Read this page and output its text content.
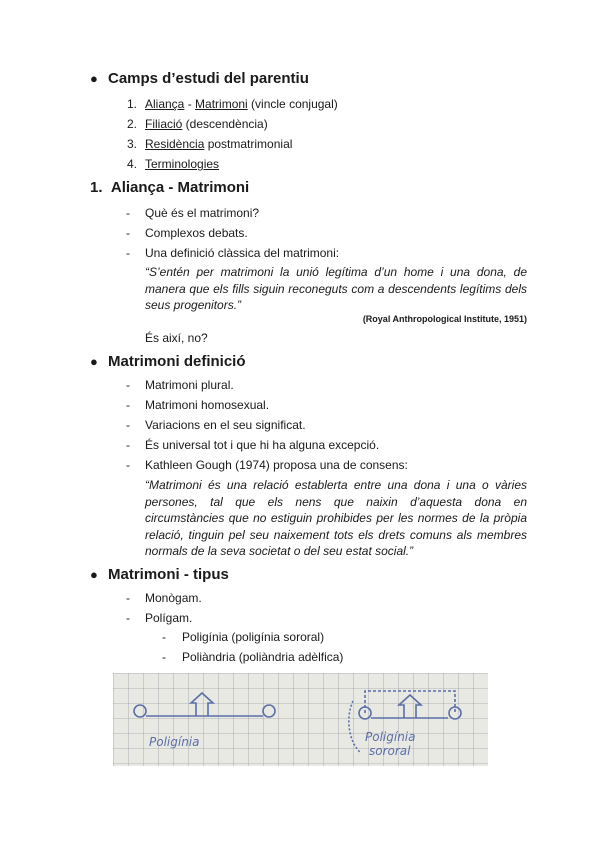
● Camps d’estudi del parentiu
1. Aliança - Matrimoni (vincle conjugal)
2. Filiació (descendència)
3. Residència postmatrimonial
4. Terminologies
1. Aliança - Matrimoni
- Què és el matrimoni?
- Complexos debats.
- Una definició clàssica del matrimoni:
“S’entén per matrimoni la unió legítima d’un home i una dona, de manera que els fills siguin reconeguts com a descendents legítims dels seus progenitors.”
(Royal Anthropological Institute, 1951)
És així, no?
● Matrimoni definició
- Matrimoni plural.
- Matrimoni homosexual.
- Variacions en el seu significat.
- És universal tot i que hi ha alguna excepció.
- Kathleen Gough (1974) proposa una de consens:
“Matrimoni és una relació establerta entre una dona i una o vàries persones, tal que els nens que naixin d’aquesta dona en circumstàncies que no estiguin prohibides per les normes de la pròpia relació, tinguin pel seu naixement tots els drets comuns als membres normals de la seva societat o del seu estat social.”
● Matrimoni - tipus
- Monògam.
- Polígam.
- Poligínia (poligínia sororal)
- Poliàndria (poliàndria adèlfica)
Poligínia	Poligínia
sororal
